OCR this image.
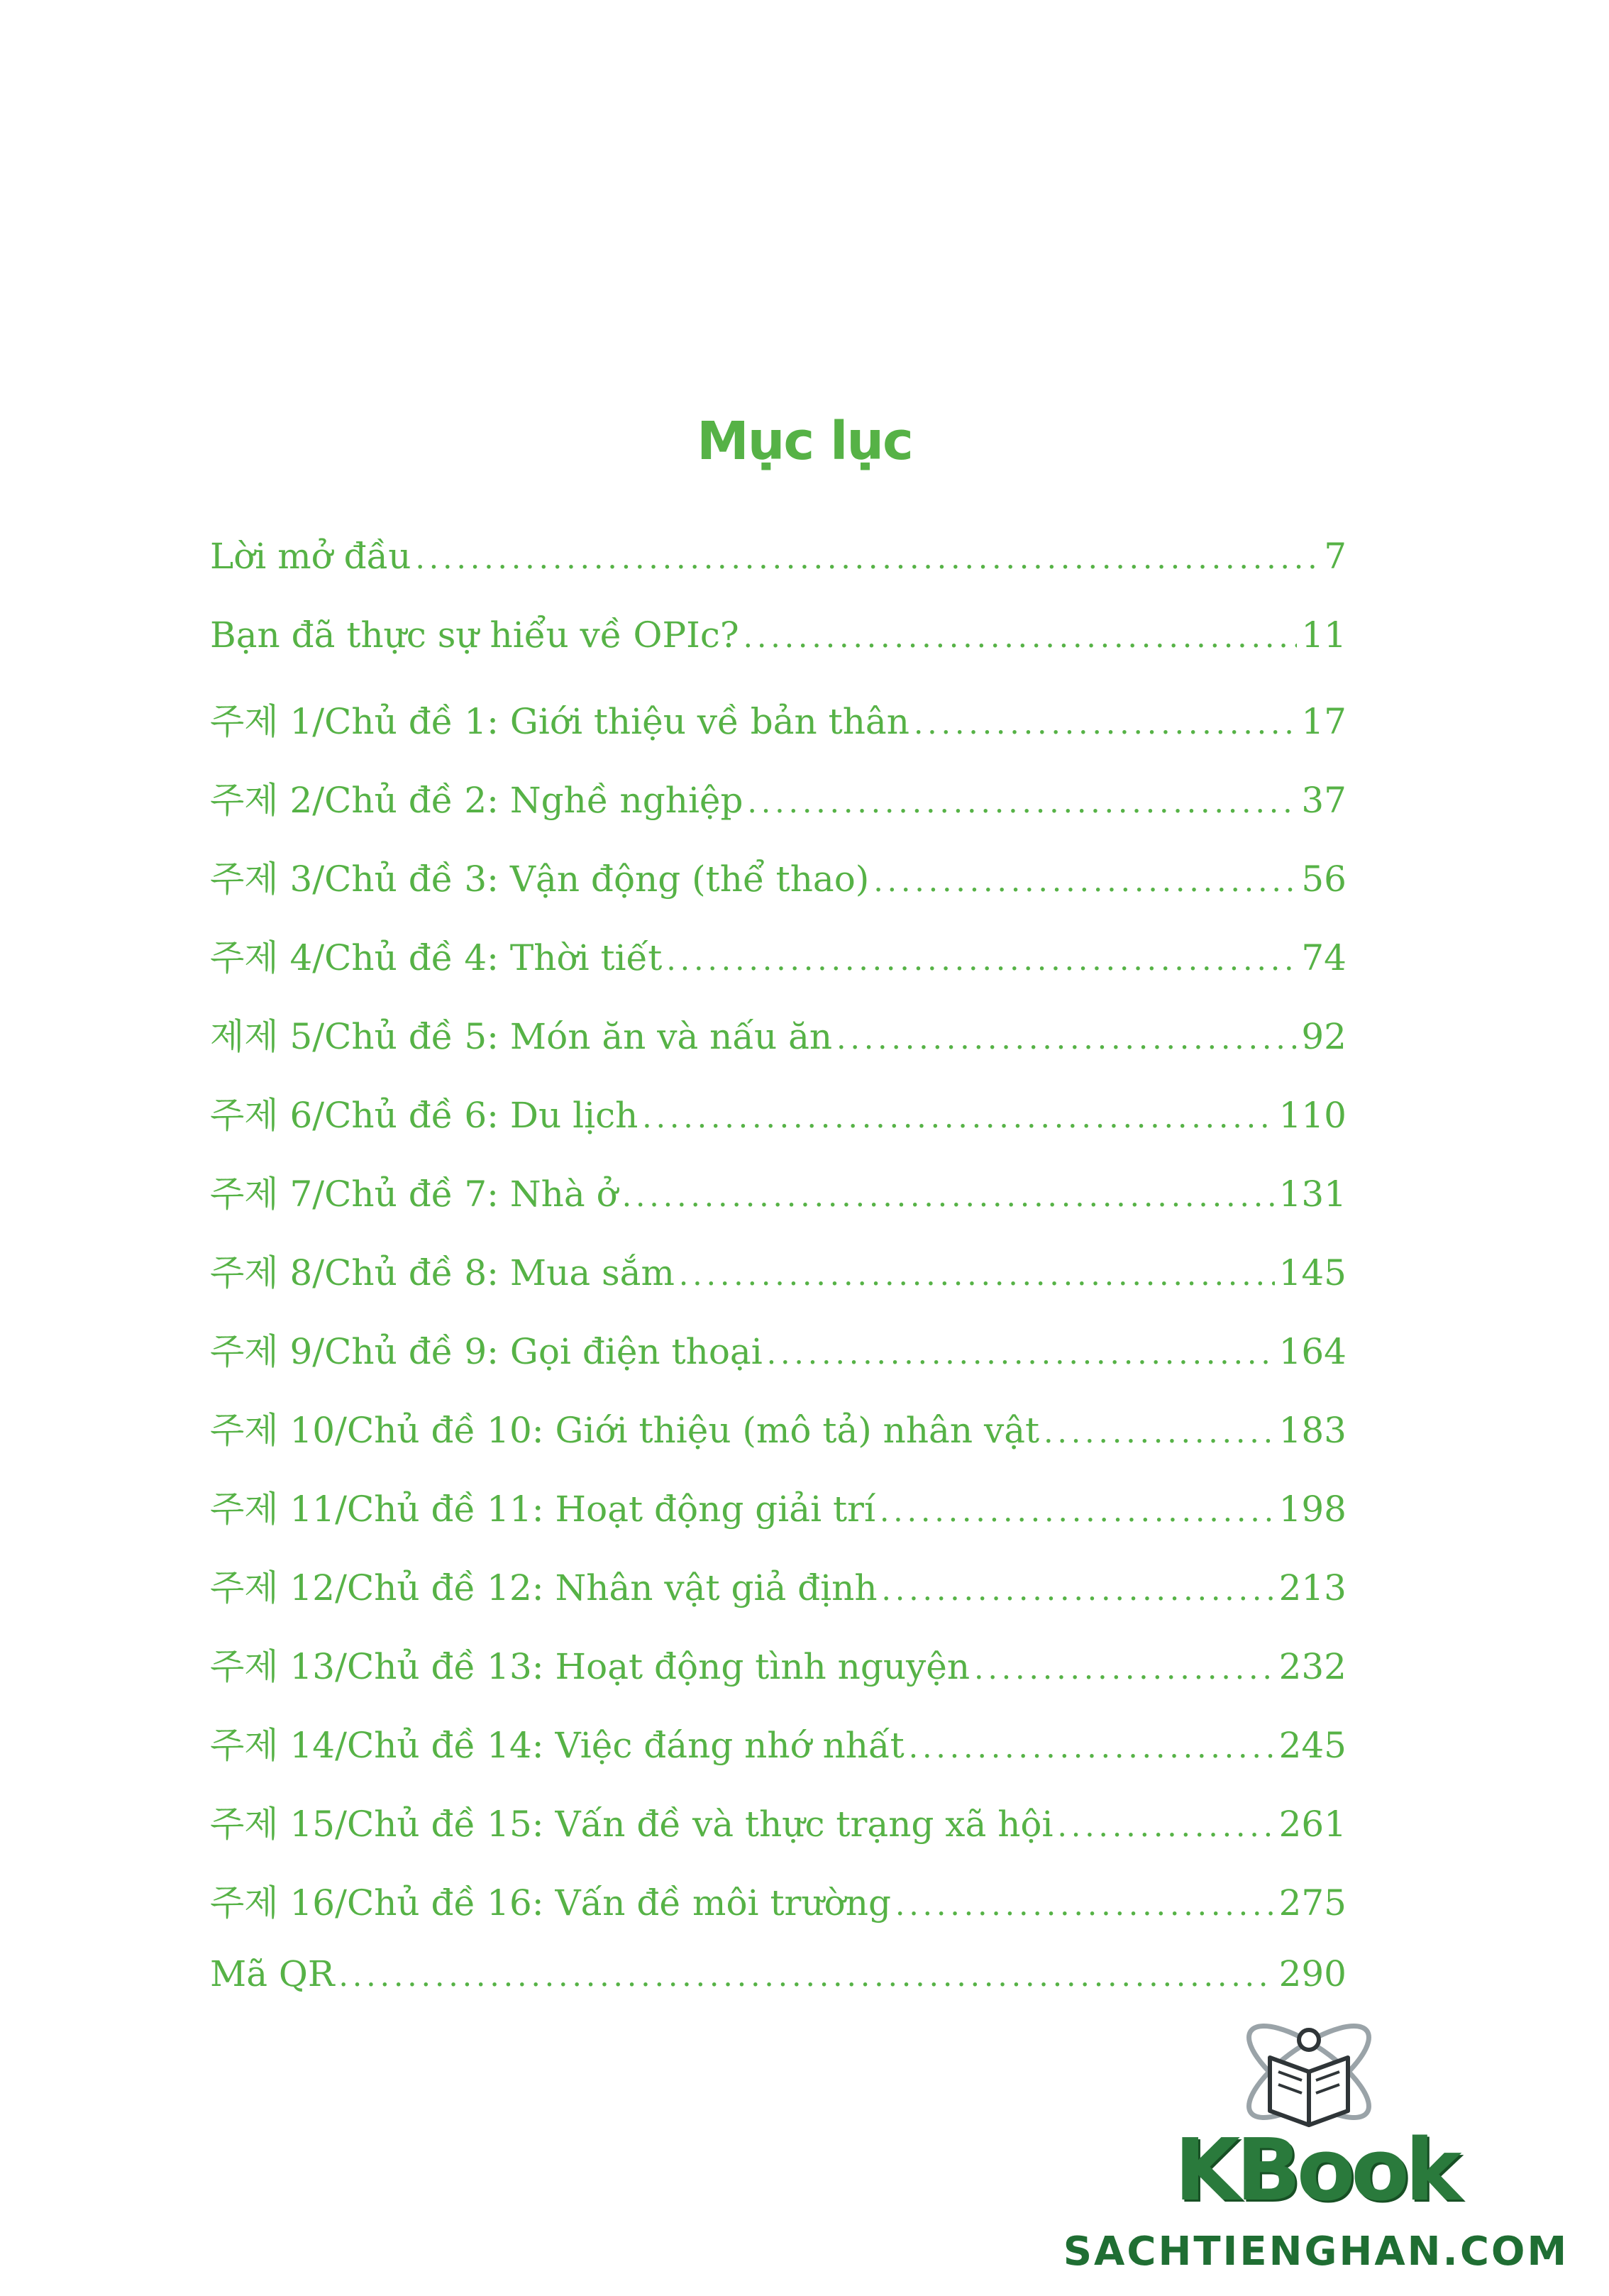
Mục lục
Lời mở đầu .....	7
Bạn đã thực sự hiểu về OPIc? .....	11
주제 1/Chủ đề 1: Giới thiệu về bản thân .....	17
주제 2/Chủ đề 2: Nghề nghiệp .....	37
주제 3/Chủ đề 3: Vận động (thể thao) .....	56
주제 4/Chủ đề 4: Thời tiết .....	74
제제 5/Chủ đề 5: Món ăn và nấu ăn .....	92
주제 6/Chủ đề 6: Du lịch .....	110
주제 7/Chủ đề 7: Nhà ở .....	131
주제 8/Chủ đề 8: Mua sắm .....	145
주제 9/Chủ đề 9: Gọi điện thoại .....	164
주제 10/Chủ đề 10: Giới thiệu (mô tả) nhân vật .....	183
주제 11/Chủ đề 11: Hoạt động giải trí .....	198
주제 12/Chủ đề 12: Nhân vật giả định .....	213
주제 13/Chủ đề 13: Hoạt động tình nguyện .....	232
주제 14/Chủ đề 14: Việc đáng nhớ nhất .....	245
주제 15/Chủ đề 15: Vấn đề và thực trạng xã hội .....	261
주제 16/Chủ đề 16: Vấn đề môi trường .....	275
Mã QR .....	290
KBook
SACHTIENGHAN.COM
